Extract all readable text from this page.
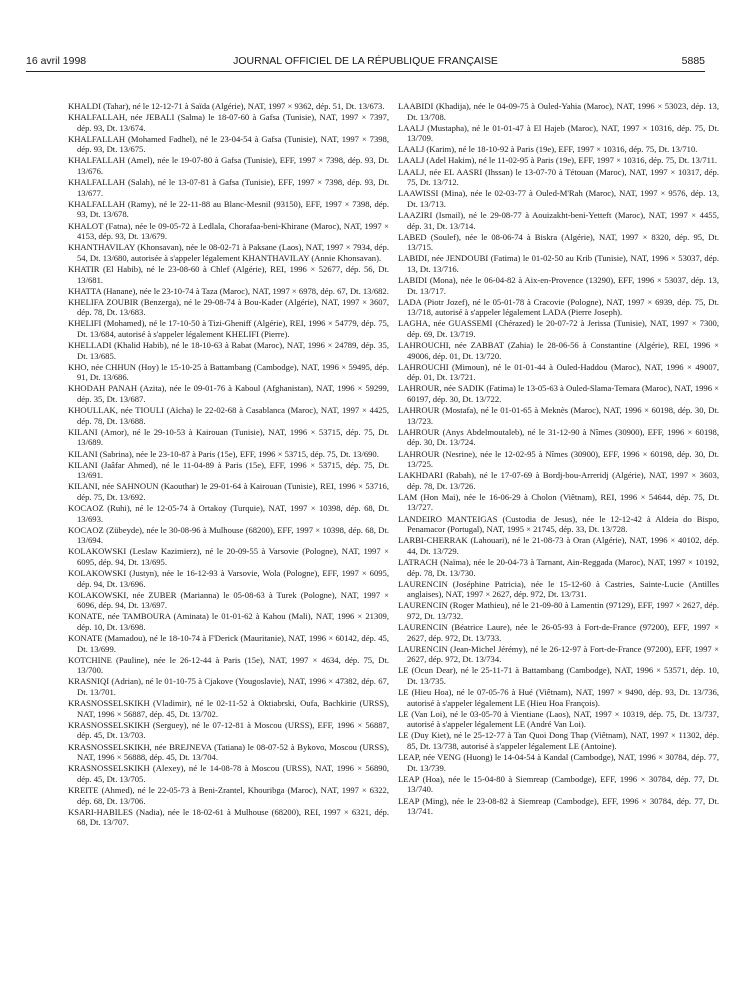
16 avril 1998	JOURNAL OFFICIEL DE LA RÉPUBLIQUE FRANÇAISE	5885

KHALDI (Tahar), né le 12-12-71 à Saïda (Algérie), NAT, 1997 × 9362, dép. 51, Dt. 13/673.

KHALFALLAH, née JEBALI (Salma) le 18-07-60 à Gafsa (Tunisie), NAT, 1997 × 7397, dép. 93, Dt. 13/674.

KHALFALLAH (Mohamed Fadhel), né le 23-04-54 à Gafsa (Tunisie), NAT, 1997 × 7398, dép. 93, Dt. 13/675.

KHALFALLAH (Amel), née le 19-07-80 à Gafsa (Tunisie), EFF, 1997 × 7398, dép. 93, Dt. 13/676.

KHALFALLAH (Salah), né le 13-07-81 à Gafsa (Tunisie), EFF, 1997 × 7398, dép. 93, Dt. 13/677.

KHALFALLAH (Ramy), né le 22-11-88 au Blanc-Mesnil (93150), EFF, 1997 × 7398, dép. 93, Dt. 13/678.

KHALOT (Fatna), née le 09-05-72 à Ledlala, Chorafaa-beni-Khirane (Maroc), NAT, 1997 × 4153, dép. 93, Dt. 13/679.

KHANTHAVILAY (Khonsavan), née le 08-02-71 à Paksane (Laos), NAT, 1997 × 7934, dép. 54, Dt. 13/680, autorisée à s'appeler légalement KHANTHAVILAY (Annie Khonsavan).

KHATIR (El Habib), né le 23-08-60 à Chlef (Algérie), REI, 1996 × 52677, dép. 56, Dt. 13/681.

KHATTA (Hanane), née le 23-10-74 à Taza (Maroc), NAT, 1997 × 6978, dép. 67, Dt. 13/682.

KHELIFA ZOUBIR (Benzerga), né le 29-08-74 à Bou-Kader (Algérie), NAT, 1997 × 3607, dép. 78, Dt. 13/683.

KHELIFI (Mohamed), né le 17-10-50 à Tizi-Gheniff (Algérie), REI, 1996 × 54779, dép. 75, Dt. 13/684, autorisé à s'appeler légalement KHELIFI (Pierre).

KHELLADI (Khalid Habib), né le 18-10-63 à Rabat (Maroc), NAT, 1996 × 24789, dép. 35, Dt. 13/685.

KHO, née CHHUN (Hoy) le 15-10-25 à Battambang (Cambodge), NAT, 1996 × 59495, dép. 91, Dt. 13/686.

KHODAH PANAH (Azita), née le 09-01-76 à Kaboul (Afghanistan), NAT, 1996 × 59299, dép. 35, Dt. 13/687.

KHOULLAK, née TIOULI (Aïcha) le 22-02-68 à Casablanca (Maroc), NAT, 1997 × 4425, dép. 78, Dt. 13/688.

KILANI (Amor), né le 29-10-53 à Kairouan (Tunisie), NAT, 1996 × 53715, dép. 75, Dt. 13/689.

KILANI (Sabrina), née le 23-10-87 à Paris (15e), EFF, 1996 × 53715, dép. 75, Dt. 13/690.

KILANI (Jaâfar Ahmed), né le 11-04-89 à Paris (15e), EFF, 1996 × 53715, dép. 75, Dt. 13/691.

KILANI, née SAHNOUN (Kaouthar) le 29-01-64 à Kairouan (Tunisie), REI, 1996 × 53716, dép. 75, Dt. 13/692.

KOCAOZ (Ruhi), né le 12-05-74 à Ortakoy (Turquie), NAT, 1997 × 10398, dép. 68, Dt. 13/693.

KOCAOZ (Zübeyde), née le 30-08-96 à Mulhouse (68200), EFF, 1997 × 10398, dép. 68, Dt. 13/694.

KOLAKOWSKI (Leslaw Kazimierz), né le 20-09-55 à Varsovie (Pologne), NAT, 1997 × 6095, dép. 94, Dt. 13/695.

KOLAKOWSKI (Justyn), née le 16-12-93 à Varsovie, Wola (Pologne), EFF, 1997 × 6095, dép. 94, Dt. 13/696.

KOLAKOWSKI, née ZUBER (Marianna) le 05-08-63 à Turek (Pologne), NAT, 1997 × 6096, dép. 94, Dt. 13/697.

KONATE, née TAMBOURA (Aminata) le 01-01-62 à Kahou (Mali), NAT, 1996 × 21309, dép. 10, Dt. 13/698.

KONATE (Mamadou), né le 18-10-74 à F'Derick (Mauritanie), NAT, 1996 × 60142, dép. 45, Dt. 13/699.

KOTCHINE (Pauline), née le 26-12-44 à Paris (15e), NAT, 1997 × 4634, dép. 75, Dt. 13/700.

KRASNIQI (Adrian), né le 01-10-75 à Cjakove (Yougoslavie), NAT, 1996 × 47382, dép. 67, Dt. 13/701.

KRASNOSSELSKIKH (Vladimir), né le 02-11-52 à Oktiabrski, Oufa, Bachkirie (URSS), NAT, 1996 × 56887, dép. 45, Dt. 13/702.

KRASNOSSELSKIKH (Serguey), né le 07-12-81 à Moscou (URSS), EFF, 1996 × 56887, dép. 45, Dt. 13/703.

KRASNOSSELSKIKH, née BREJNEVA (Tatiana) le 08-07-52 à Bykovo, Moscou (URSS), NAT, 1996 × 56888, dép. 45, Dt. 13/704.

KRASNOSSELSKIKH (Alexey), né le 14-08-78 à Moscou (URSS), NAT, 1996 × 56890, dép. 45, Dt. 13/705.

KREITE (Ahmed), né le 22-05-73 à Beni-Zrantel, Khouribga (Maroc), NAT, 1997 × 6322, dép. 68, Dt. 13/706.

KSARI-HABILES (Nadia), née le 18-02-61 à Mulhouse (68200), REI, 1997 × 6321, dép. 68, Dt. 13/707.

LAABIDI (Khadija), née le 04-09-75 à Ouled-Yahia (Maroc), NAT, 1996 × 53023, dép. 13, Dt. 13/708.

LAALJ (Mustapha), né le 01-01-47 à El Hajeb (Maroc), NAT, 1997 × 10316, dép. 75, Dt. 13/709.

LAALJ (Karim), né le 18-10-92 à Paris (19e), EFF, 1997 × 10316, dép. 75, Dt. 13/710.

LAALJ (Adel Hakim), né le 11-02-95 à Paris (19e), EFF, 1997 × 10316, dép. 75, Dt. 13/711.

LAALJ, née EL AASRI (Ihssan) le 13-07-70 à Tétouan (Maroc), NAT, 1997 × 10317, dép. 75, Dt. 13/712.

LAAWISSI (Mina), née le 02-03-77 à Ouled-M'Rah (Maroc), NAT, 1997 × 9576, dép. 13, Dt. 13/713.

LAAZIRI (Ismail), né le 29-08-77 à Aouizakht-beni-Yetteft (Maroc), NAT, 1997 × 4455, dép. 31, Dt. 13/714.

LABED (Soulef), née le 08-06-74 à Biskra (Algérie), NAT, 1997 × 8320, dép. 95, Dt. 13/715.

LABIDI, née JENDOUBI (Fatima) le 01-02-50 au Krib (Tunisie), NAT, 1996 × 53037, dép. 13, Dt. 13/716.

LABIDI (Mona), née le 06-04-82 à Aix-en-Provence (13290), EFF, 1996 × 53037, dép. 13, Dt. 13/717.

LADA (Piotr Jozef), né le 05-01-78 à Cracovie (Pologne), NAT, 1997 × 6939, dép. 75, Dt. 13/718, autorisé à s'appeler légalement LADA (Pierre Joseph).

LAGHA, née GUASSEMI (Chérazed) le 20-07-72 à Jerissa (Tunisie), NAT, 1997 × 7300, dép. 69, Dt. 13/719.

LAHROUCHI, née ZABBAT (Zahia) le 28-06-56 à Constantine (Algérie), REI, 1996 × 49006, dép. 01, Dt. 13/720.

LAHROUCHI (Mimoun), né le 01-01-44 à Ouled-Haddou (Maroc), NAT, 1996 × 49007, dép. 01, Dt. 13/721.

LAHROUR, née SADIK (Fatima) le 13-05-63 à Ouled-Slama-Temara (Maroc), NAT, 1996 × 60197, dép. 30, Dt. 13/722.

LAHROUR (Mostafa), né le 01-01-65 à Meknès (Maroc), NAT, 1996 × 60198, dép. 30, Dt. 13/723.

LAHROUR (Anys Abdelmoutaleb), né le 31-12-90 à Nîmes (30900), EFF, 1996 × 60198, dép. 30, Dt. 13/724.

LAHROUR (Nesrine), née le 12-02-95 à Nîmes (30900), EFF, 1996 × 60198, dép. 30, Dt. 13/725.

LAKHDARI (Rabah), né le 17-07-69 à Bordj-bou-Arreridj (Algérie), NAT, 1997 × 3603, dép. 78, Dt. 13/726.

LAM (Hon Mai), née le 16-06-29 à Cholon (Viêtnam), REI, 1996 × 54644, dép. 75, Dt. 13/727.

LANDEIRO MANTEIGAS (Custodia de Jesus), née le 12-12-42 à Aldeia do Bispo, Penamacor (Portugal), NAT, 1995 × 21745, dép. 33, Dt. 13/728.

LARBI-CHERRAK (Lahouari), né le 21-08-73 à Oran (Algérie), NAT, 1996 × 40102, dép. 44, Dt. 13/729.

LATRACH (Naïma), née le 20-04-73 à Tarnant, Ain-Reggada (Maroc), NAT, 1997 × 10192, dép. 78, Dt. 13/730.

LAURENCIN (Joséphine Patricia), née le 15-12-60 à Castries, Sainte-Lucie (Antilles anglaises), NAT, 1997 × 2627, dép. 972, Dt. 13/731.

LAURENCIN (Roger Mathieu), né le 21-09-80 à Lamentin (97129), EFF, 1997 × 2627, dép. 972, Dt. 13/732.

LAURENCIN (Béatrice Laure), née le 26-05-93 à Fort-de-France (97200), EFF, 1997 × 2627, dép. 972, Dt. 13/733.

LAURENCIN (Jean-Michel Jérémy), né le 26-12-97 à Fort-de-France (97200), EFF, 1997 × 2627, dép. 972, Dt. 13/734.

LE (Ocun Dear), né le 25-11-71 à Battambang (Cambodge), NAT, 1996 × 53571, dép. 10, Dt. 13/735.

LE (Hieu Hoa), né le 07-05-76 à Hué (Viêtnam), NAT, 1997 × 9490, dép. 93, Dt. 13/736, autorisé à s'appeler légalement LE (Hieu Hoa François).

LE (Van Loi), né le 03-05-70 à Vientiane (Laos), NAT, 1997 × 10319, dép. 75, Dt. 13/737, autorisé à s'appeler légalement LE (André Van Loi).

LE (Duy Kiet), né le 25-12-77 à Tan Quoi Dong Thap (Viêtnam), NAT, 1997 × 11302, dép. 85, Dt. 13/738, autorisé à s'appeler légalement LE (Antoine).

LEAP, née VENG (Huong) le 14-04-54 à Kandal (Cambodge), NAT, 1996 × 30784, dép. 77, Dt. 13/739.

LEAP (Hoa), née le 15-04-80 à Siemreap (Cambodge), EFF, 1996 × 30784, dép. 77, Dt. 13/740.

LEAP (Ming), née le 23-08-82 à Siemreap (Cambodge), EFF, 1996 × 30784, dép. 77, Dt. 13/741.
